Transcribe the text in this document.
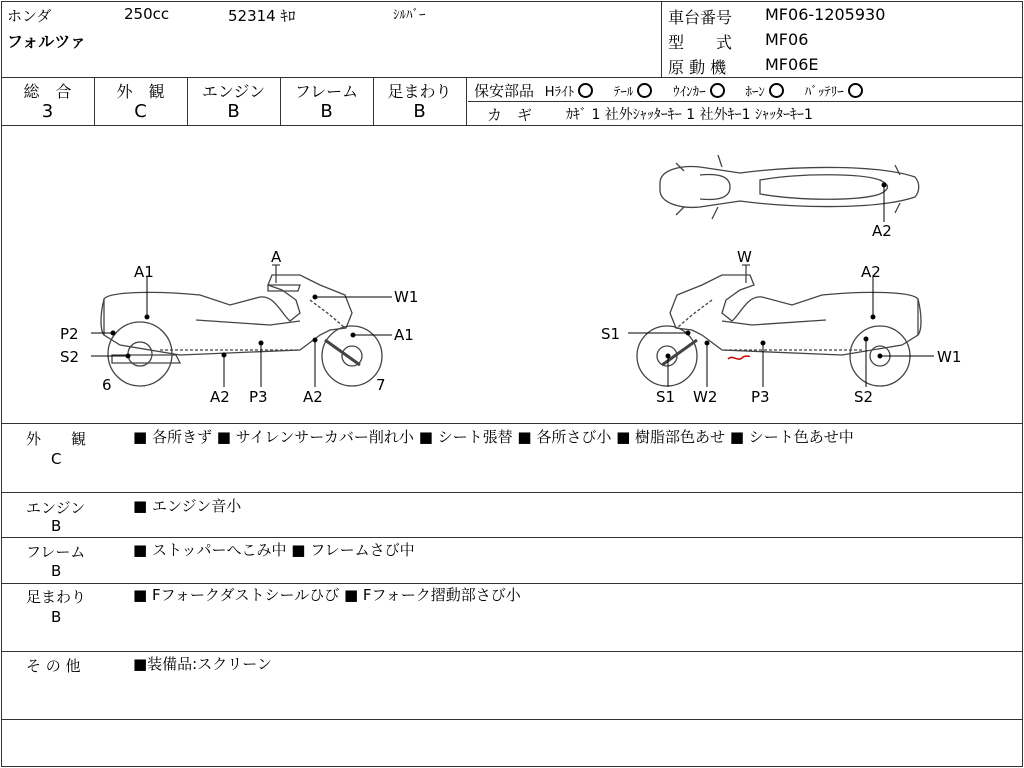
ホンダ	250cc	52314 ｷﾛ	ｼﾙﾊﾞｰ
フォルツァ
車台番号 MF06-1205930
型　　式 MF06
原 動 機 MF06E
総　合
3
外　観
C
エンジン
B
フレーム
B
足まわり
B
保安部品 Hﾗｲﾄ	ﾃｰﾙ	ｳｲﾝｶｰ	ﾎｰﾝ	ﾊﾞｯﾃﾘｰ
カ　ギ ｶｷﾞ 1 社外ｼｬｯﾀｰｷｰ 1 社外ｷｰ1 ｼｬｯﾀｰｷｰ1
A
A1
W1
P2	A1
S2
6
A2 P3 A2
7
W
A2
A2
S1
W1
S1 W2 P3	S2
外　　観
C
■ 各所きず ■ サイレンサーカバー削れ小 ■ シート張替 ■ 各所さび小 ■ 樹脂部色あせ ■ シート色あせ中
エンジン
B
■ エンジン音小
フレーム
B
■ ストッパーへこみ中 ■ フレームさび中
足まわり
B
■ Fフォークダストシールひび ■ Fフォーク摺動部さび小
そ の 他	■装備品:スクリーン
